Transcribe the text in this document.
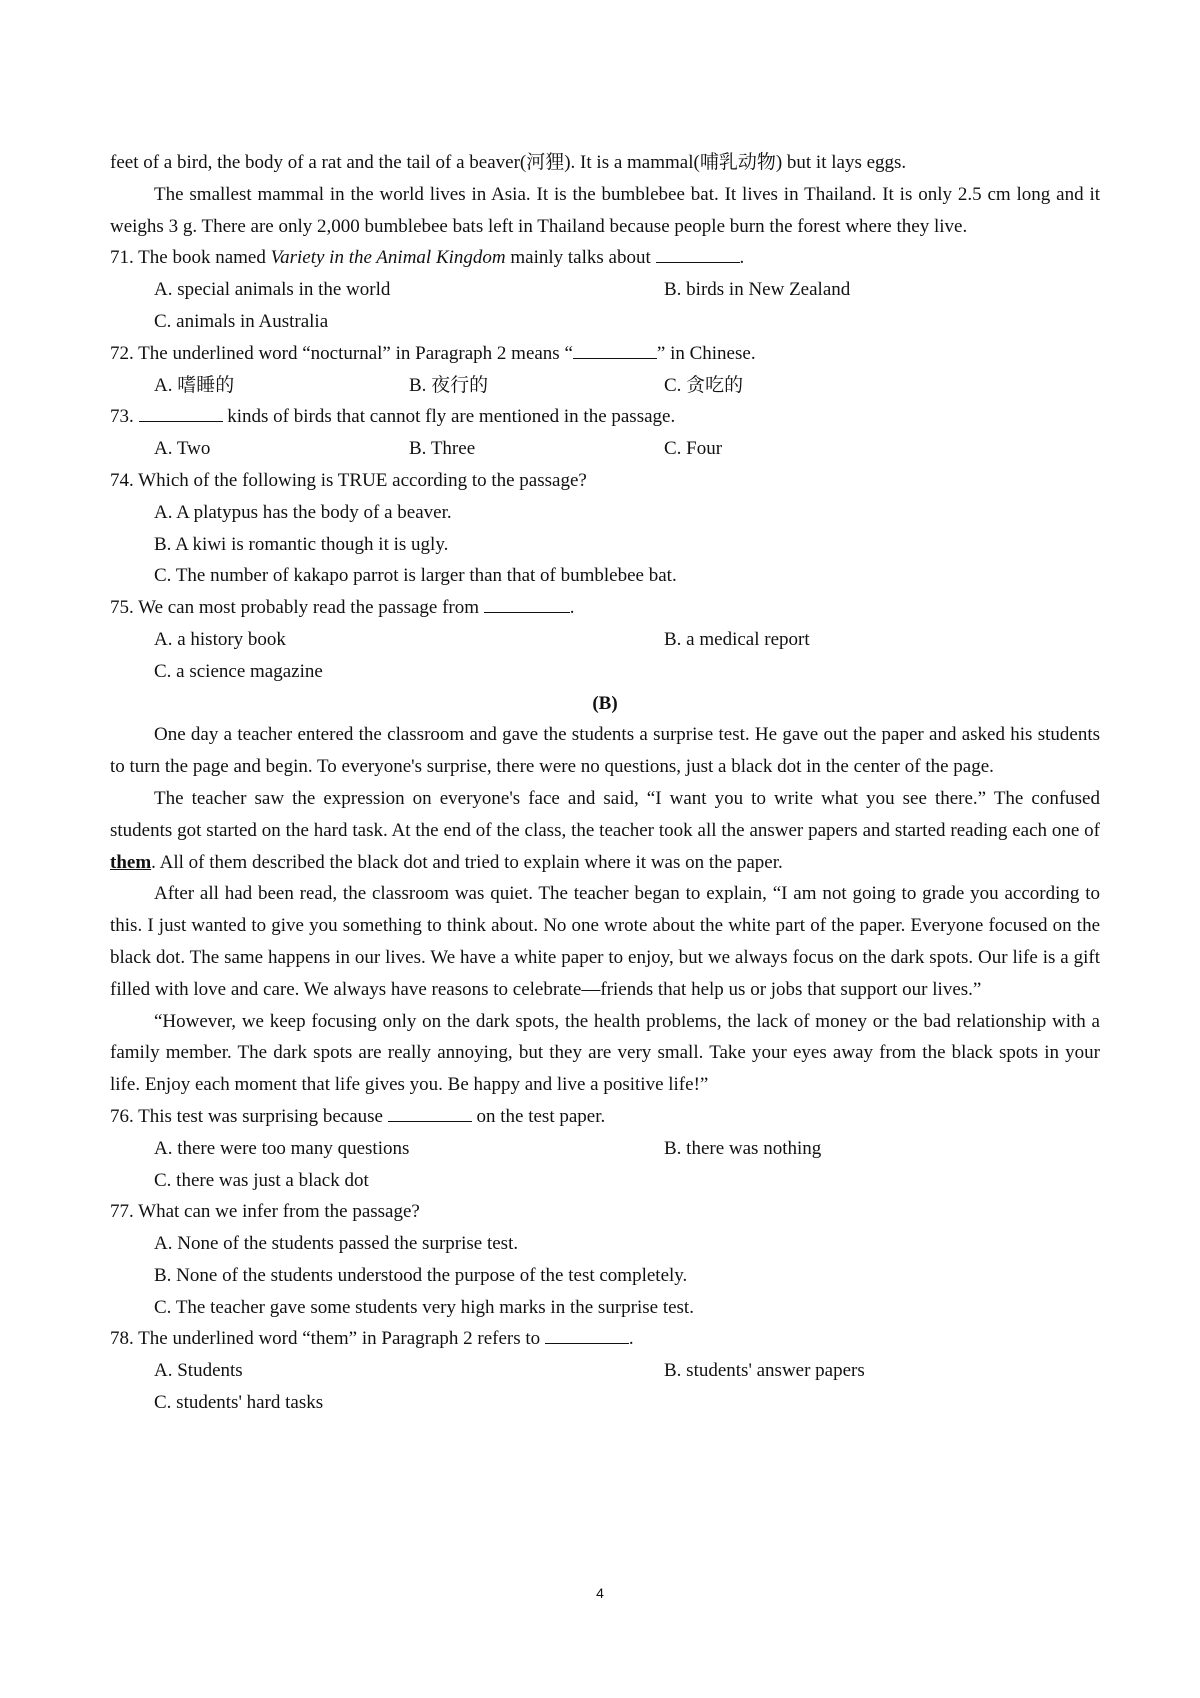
feet of a bird, the body of a rat and the tail of a beaver(河狸). It is a mammal(哺乳动物) but it lays eggs.

The smallest mammal in the world lives in Asia. It is the bumblebee bat. It lives in Thailand. It is only 2.5 cm long and it weighs 3 g. There are only 2,000 bumblebee bats left in Thailand because people burn the forest where they live.

71. The book named Variety in the Animal Kingdom mainly talks about	.

A. special animals in the world	B. birds in New Zealand
C. animals in Australia

72. The underlined word “nocturnal” in Paragraph 2 means “	” in Chinese.

A. 嗜睡的	B. 夜行的	C. 贪吃的

73.	kinds of birds that cannot fly are mentioned in the passage.

A. Two	B. Three	C. Four

74. Which of the following is TRUE according to the passage?

A. A platypus has the body of a beaver.
B. A kiwi is romantic though it is ugly.
C. The number of kakapo parrot is larger than that of bumblebee bat.

75. We can most probably read the passage from	.

A. a history book	B. a medical report
C. a science magazine

(B)

One day a teacher entered the classroom and gave the students a surprise test. He gave out the paper and asked his students to turn the page and begin. To everyone's surprise, there were no questions, just a black dot in the center of the page.

The teacher saw the expression on everyone's face and said, “I want you to write what you see there.” The confused students got started on the hard task. At the end of the class, the teacher took all the answer papers and started reading each one of them. All of them described the black dot and tried to explain where it was on the paper.

After all had been read, the classroom was quiet. The teacher began to explain, “I am not going to grade you according to this. I just wanted to give you something to think about. No one wrote about the white part of the paper. Everyone focused on the black dot. The same happens in our lives. We have a white paper to enjoy, but we always focus on the dark spots. Our life is a gift filled with love and care. We always have reasons to celebrate—friends that help us or jobs that support our lives.”

“However, we keep focusing only on the dark spots, the health problems, the lack of money or the bad relationship with a family member. The dark spots are really annoying, but they are very small. Take your eyes away from the black spots in your life. Enjoy each moment that life gives you. Be happy and live a positive life!”

76. This test was surprising because	on the test paper.

A. there were too many questions	B. there was nothing
C. there was just a black dot

77. What can we infer from the passage?

A. None of the students passed the surprise test.
B. None of the students understood the purpose of the test completely.
C. The teacher gave some students very high marks in the surprise test.

78. The underlined word “them” in Paragraph 2 refers to	.

A. Students	B. students' answer papers
C. students' hard tasks
4
